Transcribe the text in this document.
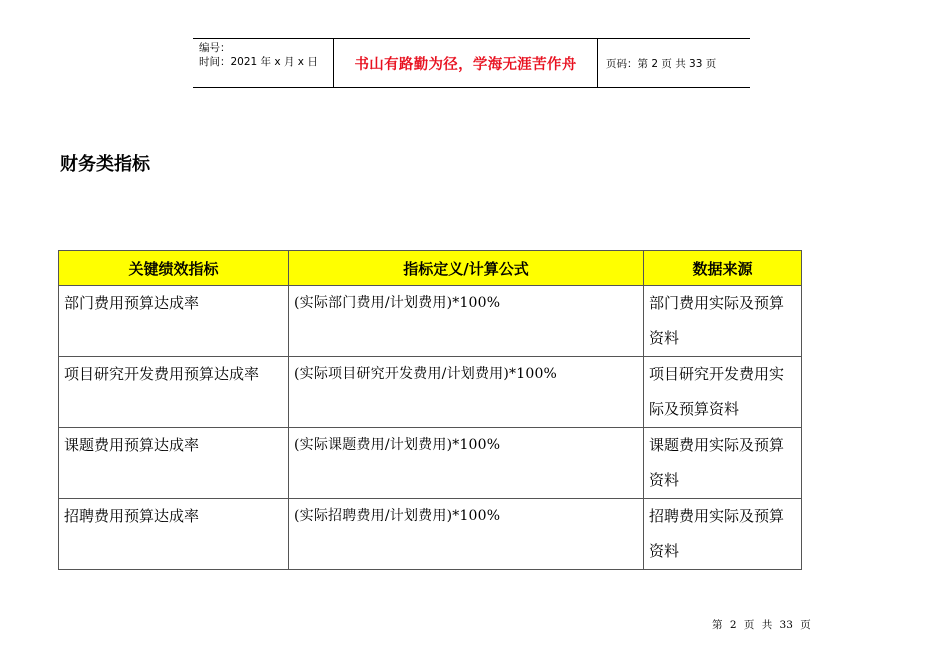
编号：
时间：2021 年 x 月 x 日	书山有路勤为径，学海无涯苦作舟	页码：第 2 页 共 33 页
财务类指标
关键绩效指标	指标定义/计算公式	数据来源
部门费用预算达成率	(实际部门费用/计划费用)*100%	部门费用实际及预算资料
项目研究开发费用预算达成率	(实际项目研究开发费用/计划费用)*100%	项目研究开发费用实际及预算资料
课题费用预算达成率	(实际课题费用/计划费用)*100%	课题费用实际及预算资料
招聘费用预算达成率	(实际招聘费用/计划费用)*100%	招聘费用实际及预算资料
第 2 页 共 33 页
